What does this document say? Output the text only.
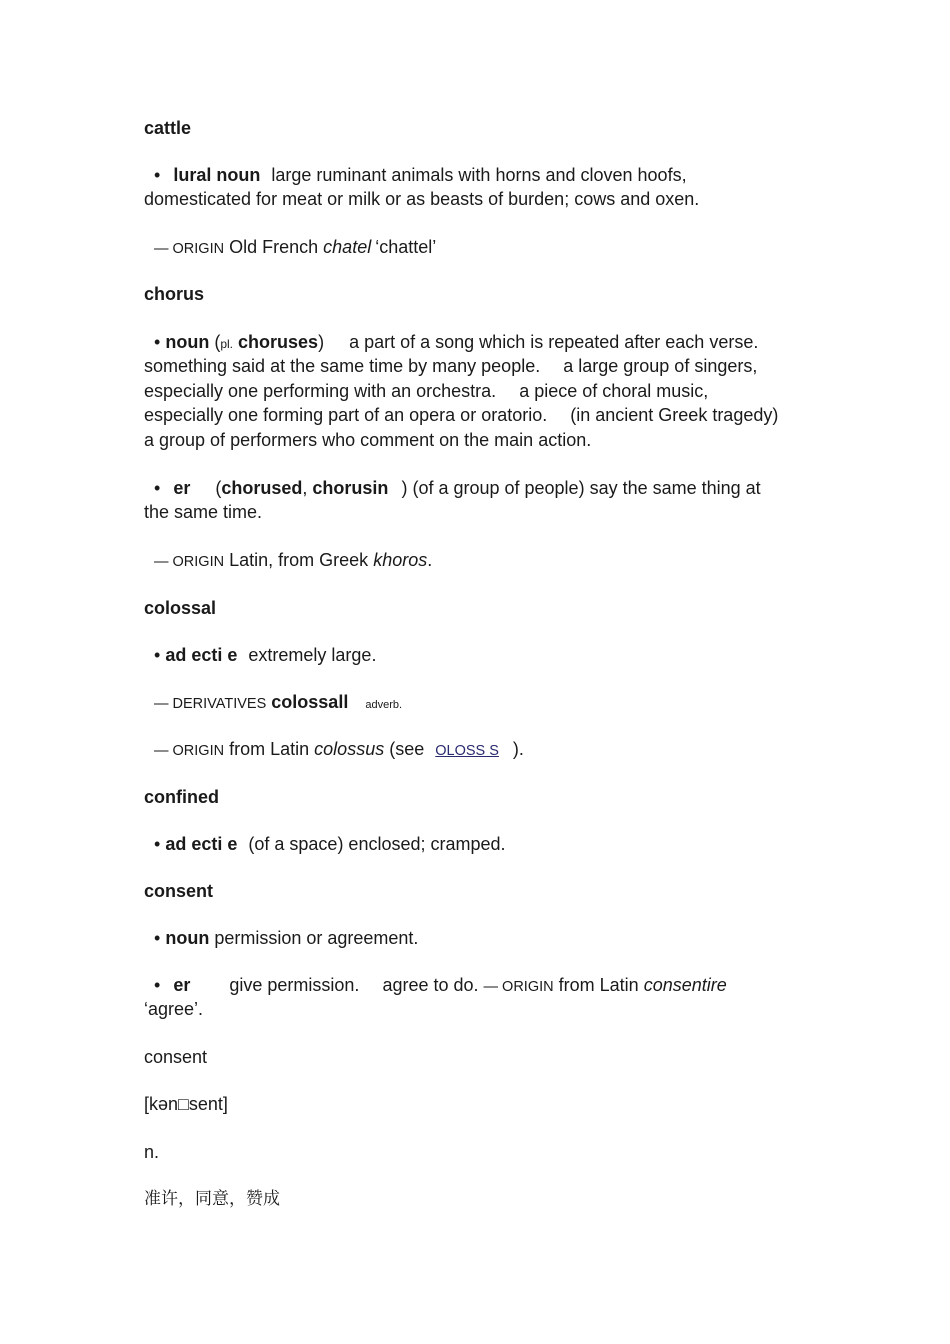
cattle
• lural noun large ruminant animals with horns and cloven hoofs,
domesticated for meat or milk or as beasts of burden; cows and oxen.
— ORIGIN Old French chatel ‘chattel’
chorus
• noun (pl. choruses) a part of a song which is repeated after each verse.
something said at the same time by many people. a large group of singers,
especially one performing with an orchestra. a piece of choral music,
especially one forming part of an opera or oratorio. (in ancient Greek tragedy)
a group of performers who comment on the main action.
• er (chorused, chorusin ) (of a group of people) say the same thing at
the same time.
— ORIGIN Latin, from Greek khoros.
colossal
• ad ecti e extremely large.
— DERIVATIVES colossall adverb.
— ORIGIN from Latin colossus (see OLOSS S ).
confined
• ad ecti e (of a space) enclosed; cramped.
consent
• noun permission or agreement.
• er give permission. agree to do. — ORIGIN from Latin consentire
‘agree’.
consent
[kən□sent]
n.
准许，同意，赞成
